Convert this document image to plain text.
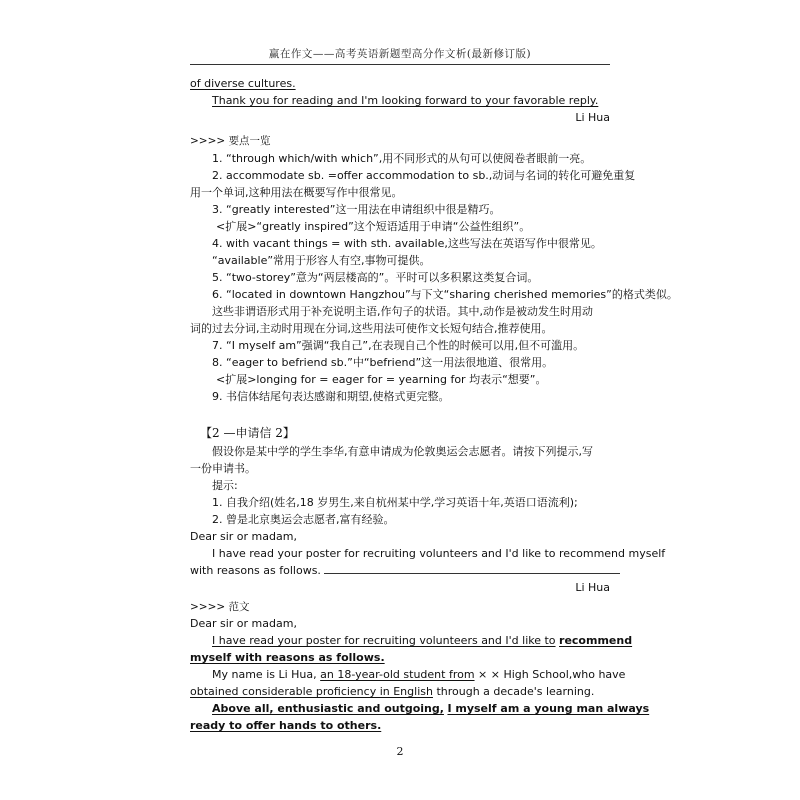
赢在作文——高考英语新题型高分作文析(最新修订版)
of diverse cultures.
Thank you for reading and I'm looking forward to your favorable reply.
Li Hua
>>>> 要点一览
1. “through which/with which”,用不同形式的从句可以使阅卷者眼前一亮。
2. accommodate sb. =offer accommodation to sb.,动词与名词的转化可避免重复
用一个单词,这种用法在概要写作中很常见。
3. “greatly interested”这一用法在申请组织中很是精巧。
<扩展>“greatly inspired”这个短语适用于申请“公益性组织”。
4. with vacant things = with sth. available,这些写法在英语写作中很常见。
“available”常用于形容人有空,事物可提供。
5. “two-storey”意为“两层楼高的”。平时可以多积累这类复合词。
6. “located in downtown Hangzhou”与下文“sharing cherished memories”的格式类似。
这些非谓语形式用于补充说明主语,作句子的状语。其中,动作是被动发生时用动
词的过去分词,主动时用现在分词,这些用法可使作文长短句结合,推荐使用。
7. “I myself am”强调“我自己”,在表现自己个性的时候可以用,但不可滥用。
8. “eager to befriend sb.”中“befriend”这一用法很地道、很常用。
<扩展>longing for = eager for = yearning for 均表示“想要”。
9. 书信体结尾句表达感谢和期望,使格式更完整。
【2 —申请信 2】
假设你是某中学的学生李华,有意申请成为伦敦奥运会志愿者。请按下列提示,写
一份申请书。
提示:
1. 自我介绍(姓名,18 岁男生,来自杭州某中学,学习英语十年,英语口语流利);
2. 曾是北京奥运会志愿者,富有经验。
Dear sir or madam,
I have read your poster for recruiting volunteers and I'd like to recommend myself
with reasons as follows.
Li Hua
>>>> 范文
Dear sir or madam,
I have read your poster for recruiting volunteers and I'd like to recommend
myself with reasons as follows.
My name is Li Hua, an 18-year-old student from × × High School,who have
obtained considerable proficiency in English through a decade's learning.
Above all, enthusiastic and outgoing, I myself am a young man always
ready to offer hands to others.
2
